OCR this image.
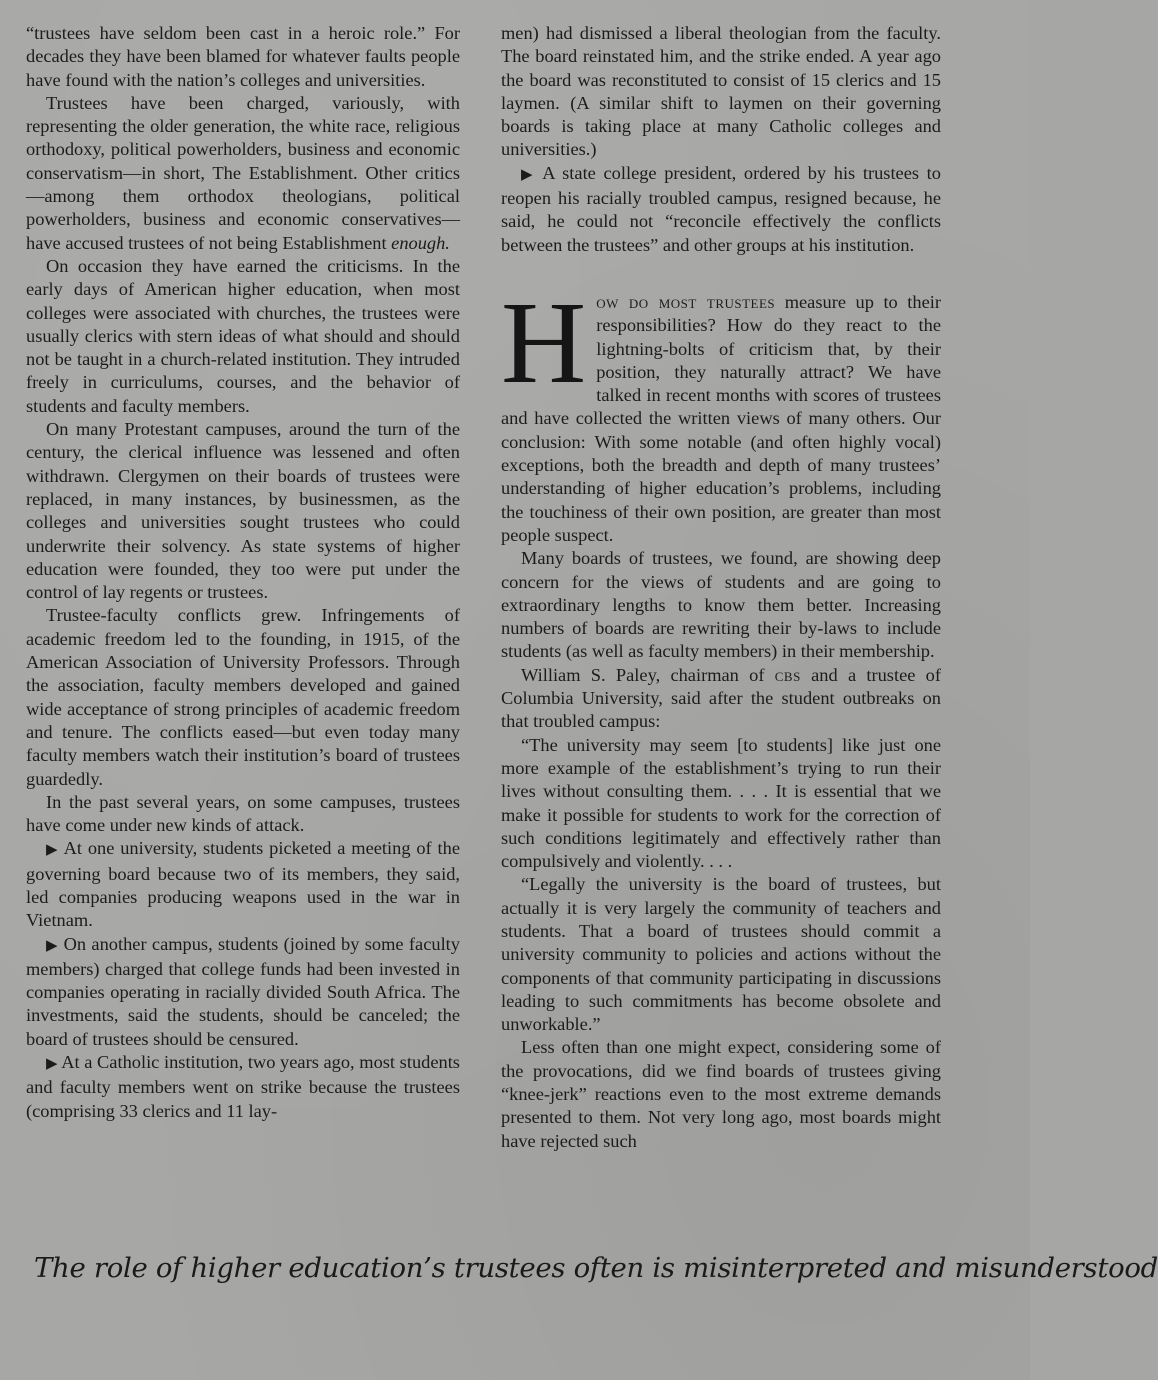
“trustees have seldom been cast in a heroic role.” For decades they have been blamed for whatever faults people have found with the nation’s colleges and universities.

Trustees have been charged, variously, with representing the older generation, the white race, religious orthodoxy, political powerholders, business and economic conservatism—in short, The Establishment. Other critics—among them orthodox theologians, political powerholders, business and economic conservatives—have accused trustees of not being Establishment enough.

On occasion they have earned the criticisms. In the early days of American higher education, when most colleges were associated with churches, the trustees were usually clerics with stern ideas of what should and should not be taught in a church-related institution. They intruded freely in curriculums, courses, and the behavior of students and faculty members.

On many Protestant campuses, around the turn of the century, the clerical influence was lessened and often withdrawn. Clergymen on their boards of trustees were replaced, in many instances, by businessmen, as the colleges and universities sought trustees who could underwrite their solvency. As state systems of higher education were founded, they too were put under the control of lay regents or trustees.

Trustee-faculty conflicts grew. Infringements of academic freedom led to the founding, in 1915, of the American Association of University Professors. Through the association, faculty members developed and gained wide acceptance of strong principles of academic freedom and tenure. The conflicts eased—but even today many faculty members watch their institution’s board of trustees guardedly.

In the past several years, on some campuses, trustees have come under new kinds of attack.

▶ At one university, students picketed a meeting of the governing board because two of its members, they said, led companies producing weapons used in the war in Vietnam.

▶ On another campus, students (joined by some faculty members) charged that college funds had been invested in companies operating in racially divided South Africa. The investments, said the students, should be canceled; the board of trustees should be censured.

▶ At a Catholic institution, two years ago, most students and faculty members went on strike because the trustees (comprising 33 clerics and 11 lay-

men) had dismissed a liberal theologian from the faculty. The board reinstated him, and the strike ended. A year ago the board was reconstituted to consist of 15 clerics and 15 laymen. (A similar shift to laymen on their governing boards is taking place at many Catholic colleges and universities.)

▶ A state college president, ordered by his trustees to reopen his racially troubled campus, resigned because, he said, he could not “reconcile effectively the conflicts between the trustees” and other groups at his institution.

How do most trustees measure up to their responsibilities? How do they react to the lightning-bolts of criticism that, by their position, they naturally attract? We have talked in recent months with scores of trustees and have collected the written views of many others. Our conclusion: With some notable (and often highly vocal) exceptions, both the breadth and depth of many trustees’ understanding of higher education’s problems, including the touchiness of their own position, are greater than most people suspect.

Many boards of trustees, we found, are showing deep concern for the views of students and are going to extraordinary lengths to know them better. Increasing numbers of boards are rewriting their by-laws to include students (as well as faculty members) in their membership.

William S. Paley, chairman of cbs and a trustee of Columbia University, said after the student outbreaks on that troubled campus:

“The university may seem [to students] like just one more example of the establishment’s trying to run their lives without consulting them. . . . It is essential that we make it possible for students to work for the correction of such conditions legitimately and effectively rather than compulsively and violently. . . .

“Legally the university is the board of trustees, but actually it is very largely the community of teachers and students. That a board of trustees should commit a university community to policies and actions without the components of that community participating in discussions leading to such commitments has become obsolete and unworkable.”

Less often than one might expect, considering some of the provocations, did we find boards of trustees giving “knee-jerk” reactions even to the most extreme demands presented to them. Not very long ago, most boards might have rejected such

The role of higher education’s trustees often is misinterpreted and misunderstood
